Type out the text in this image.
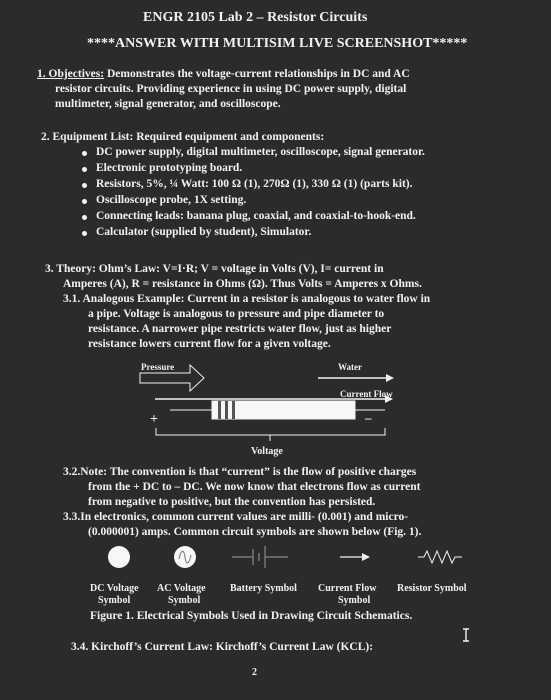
ENGR 2105 Lab 2 – Resistor Circuits
****ANSWER WITH MULTISIM LIVE SCREENSHOT*****
1. Objectives: Demonstrates the voltage-current relationships in DC and AC
resistor circuits. Providing experience in using DC power supply, digital
multimeter, signal generator, and oscilloscope.
2. Equipment List: Required equipment and components:
DC power supply, digital multimeter, oscilloscope, signal generator.
Electronic prototyping board.
Resistors, 5%, ¼ Watt: 100 Ω (1), 270Ω (1), 330 Ω (1) (parts kit).
Oscilloscope probe, 1X setting.
Connecting leads: banana plug, coaxial, and coaxial-to-hook-end.
Calculator (supplied by student), Simulator.
3. Theory: Ohm’s Law: V=I·R; V = voltage in Volts (V), I= current in
Amperes (A), R = resistance in Ohms (Ω). Thus Volts = Amperes x Ohms.
3.1. Analogous Example: Current in a resistor is analogous to water flow in
a pipe. Voltage is analogous to pressure and pipe diameter to
resistance. A narrower pipe restricts water flow, just as higher
resistance lowers current flow for a given voltage.
Pressure	Water
Current Flow
+	–
Voltage
3.2.Note: The convention is that “current” is the flow of positive charges
from the + DC to – DC. We now know that electrons flow as current
from negative to positive, but the convention has persisted.
3.3.In electronics, common current values are milli- (0.001) and micro-
(0.000001) amps. Common circuit symbols are shown below (Fig. 1).
DC Voltage
Symbol
AC Voltage
Symbol
Battery Symbol Current Flow
Symbol
Resistor Symbol
Figure 1. Electrical Symbols Used in Drawing Circuit Schematics.
3.4. Kirchoff’s Current Law: Kirchoff’s Current Law (KCL):
2
